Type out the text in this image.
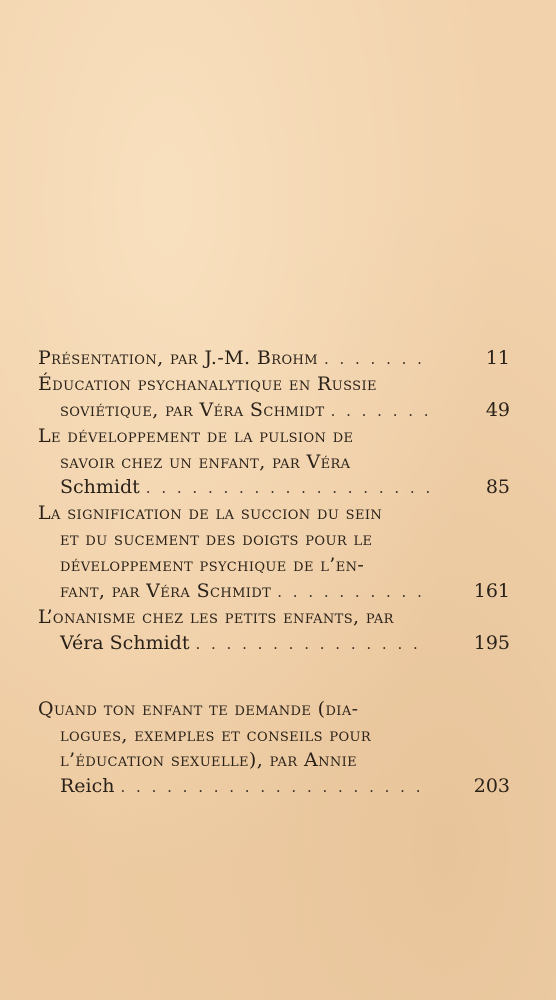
Présentation, par J.-M. Brohm . . .	11
Éducation psychanalytique en Russie
soviétique, par Véra Schmidt . . .	49
Le développement de la pulsion de
savoir chez un enfant, par Véra
Schmidt . . .	85
La signification de la succion du sein
et du sucement des doigts pour le
développement psychique de l’en-
fant, par Véra Schmidt . . .	161
L’onanisme chez les petits enfants, par
Véra Schmidt . . .	195
Quand ton enfant te demande (dia-
logues, exemples et conseils pour
l’éducation sexuelle), par Annie
Reich . . .	203
